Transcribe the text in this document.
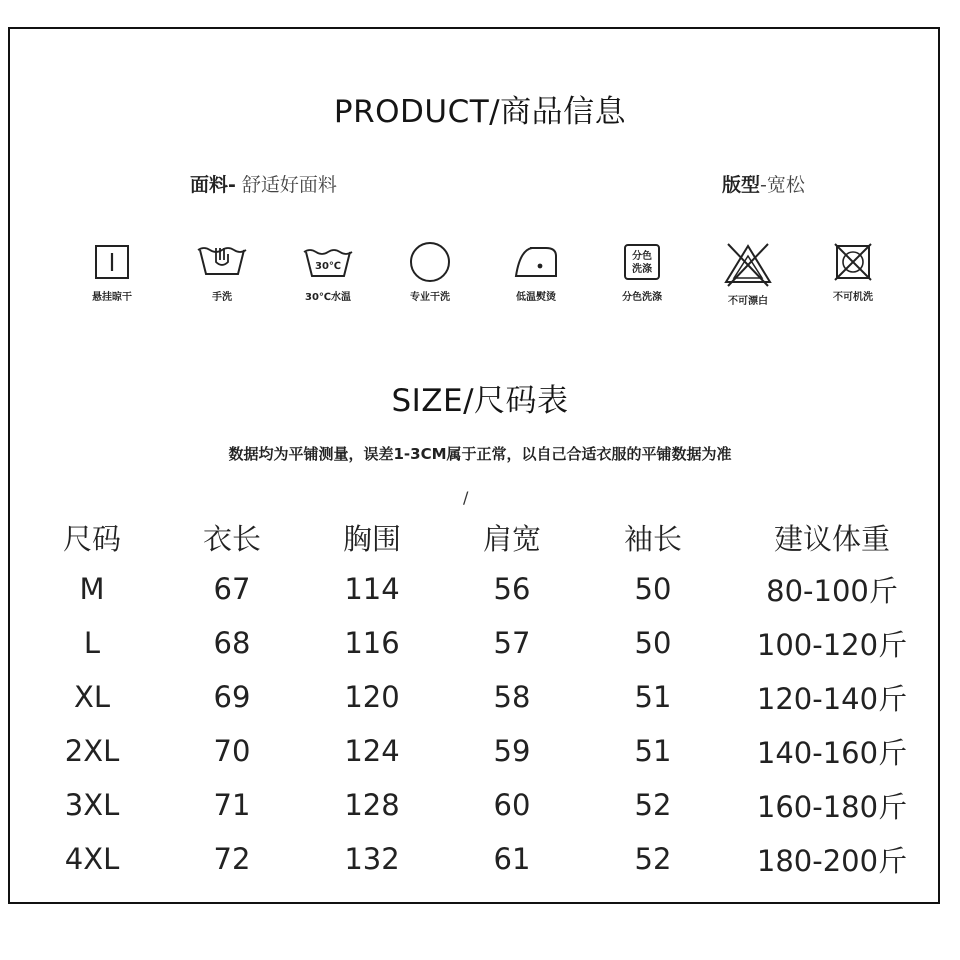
PRODUCT/商品信息
面料- 舒适好面料	版型-宽松
悬挂晾干	手洗
30℃
30℃水温	专业干洗	低温熨烫
分色
洗涤
分色洗涤	不可漂白	不可机洗
SIZE/尺码表
数据均为平铺测量，误差1-3CM属于正常，以自己合适衣服的平铺数据为准
/
尺码	衣长	胸围	肩宽	袖长	建议体重
M	67	114	56	50	80-100斤
L	68	116	57	50	100-120斤
XL	69	120	58	51	120-140斤
2XL	70	124	59	51	140-160斤
3XL	71	128	60	52	160-180斤
4XL	72	132	61	52	180-200斤
